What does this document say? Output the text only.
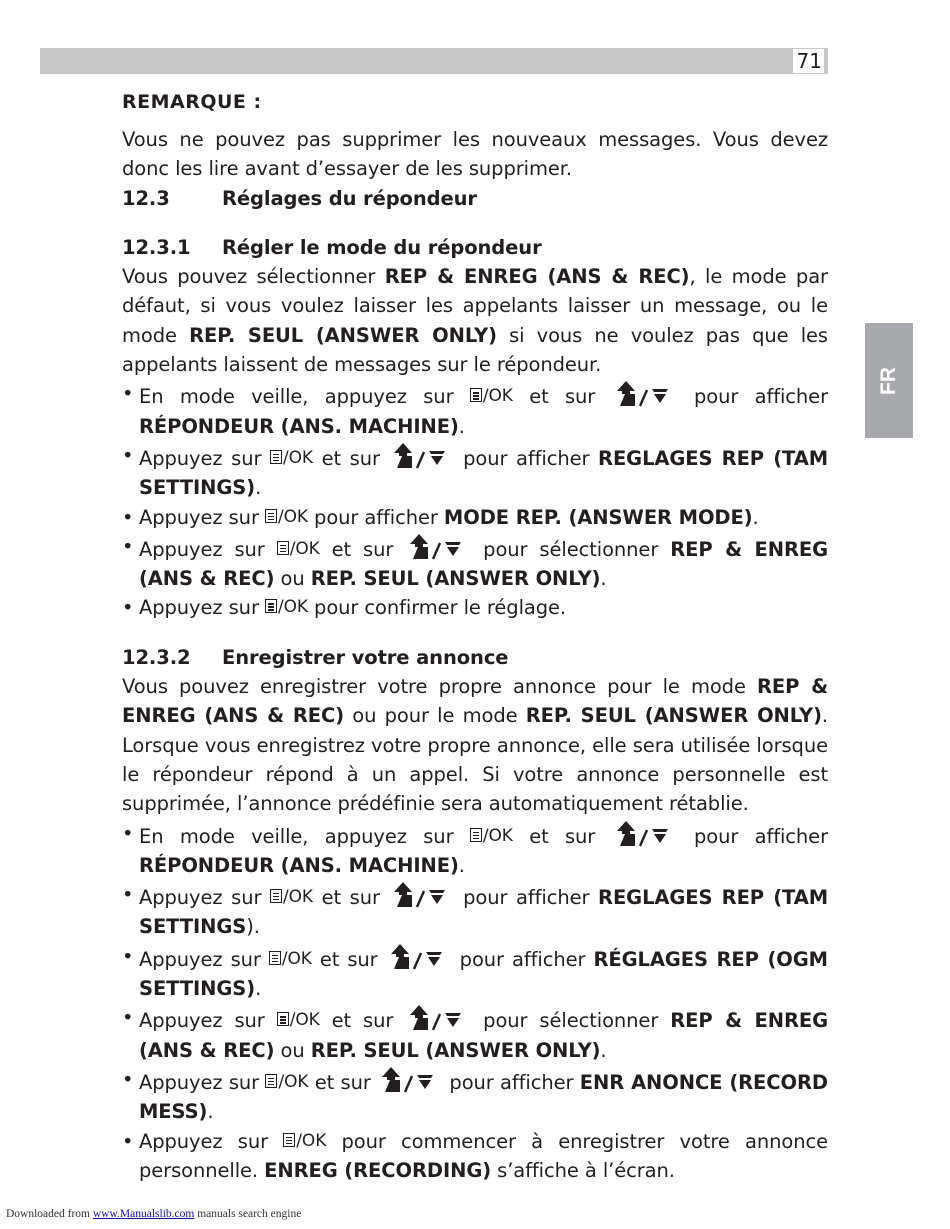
71
FR
REMARQUE :

Vous ne pouvez pas supprimer les nouveaux messages. Vous devez donc les lire avant d’essayer de les supprimer.

12.3	Réglages du répondeur
12.3.1 Régler le mode du répondeur

Vous pouvez sélectionner REP & ENREG (ANS & REC), le mode par défaut, si vous voulez laisser les appelants laisser un message, ou le mode REP. SEUL (ANSWER ONLY) si vous ne voulez pas que les appelants laissent de messages sur le répondeur.

• En mode veille, appuyez sur /OK et sur	pour afficher RÉPONDEUR (ANS. MACHINE).
• Appuyez sur /OK et sur	pour afficher REGLAGES REP (TAM SETTINGS).
• Appuyez sur /OK pour afficher MODE REP. (ANSWER MODE).
• Appuyez sur /OK et sur	pour sélectionner REP & ENREG (ANS & REC) ou REP. SEUL (ANSWER ONLY).
• Appuyez sur /OK pour confirmer le réglage.
12.3.2 Enregistrer votre annonce

Vous pouvez enregistrer votre propre annonce pour le mode REP & ENREG (ANS & REC) ou pour le mode REP. SEUL (ANSWER ONLY). Lorsque vous enregistrez votre propre annonce, elle sera utilisée lorsque le répondeur répond à un appel. Si votre annonce personnelle est supprimée, l’annonce prédéfinie sera automatiquement rétablie.

• En mode veille, appuyez sur /OK et sur	pour afficher RÉPONDEUR (ANS. MACHINE).
• Appuyez sur /OK et sur	pour afficher REGLAGES REP (TAM SETTINGS).
• Appuyez sur /OK et sur	pour afficher RÉGLAGES REP (OGM SETTINGS).
• Appuyez sur /OK et sur	pour sélectionner REP & ENREG (ANS & REC) ou REP. SEUL (ANSWER ONLY).
• Appuyez sur /OK et sur	pour afficher ENR ANONCE (RECORD MESS).
• Appuyez sur /OK pour commencer à enregistrer votre annonce personnelle. ENREG (RECORDING) s’affiche à l’écran.
Downloaded from www.Manualslib.com manuals search engine
